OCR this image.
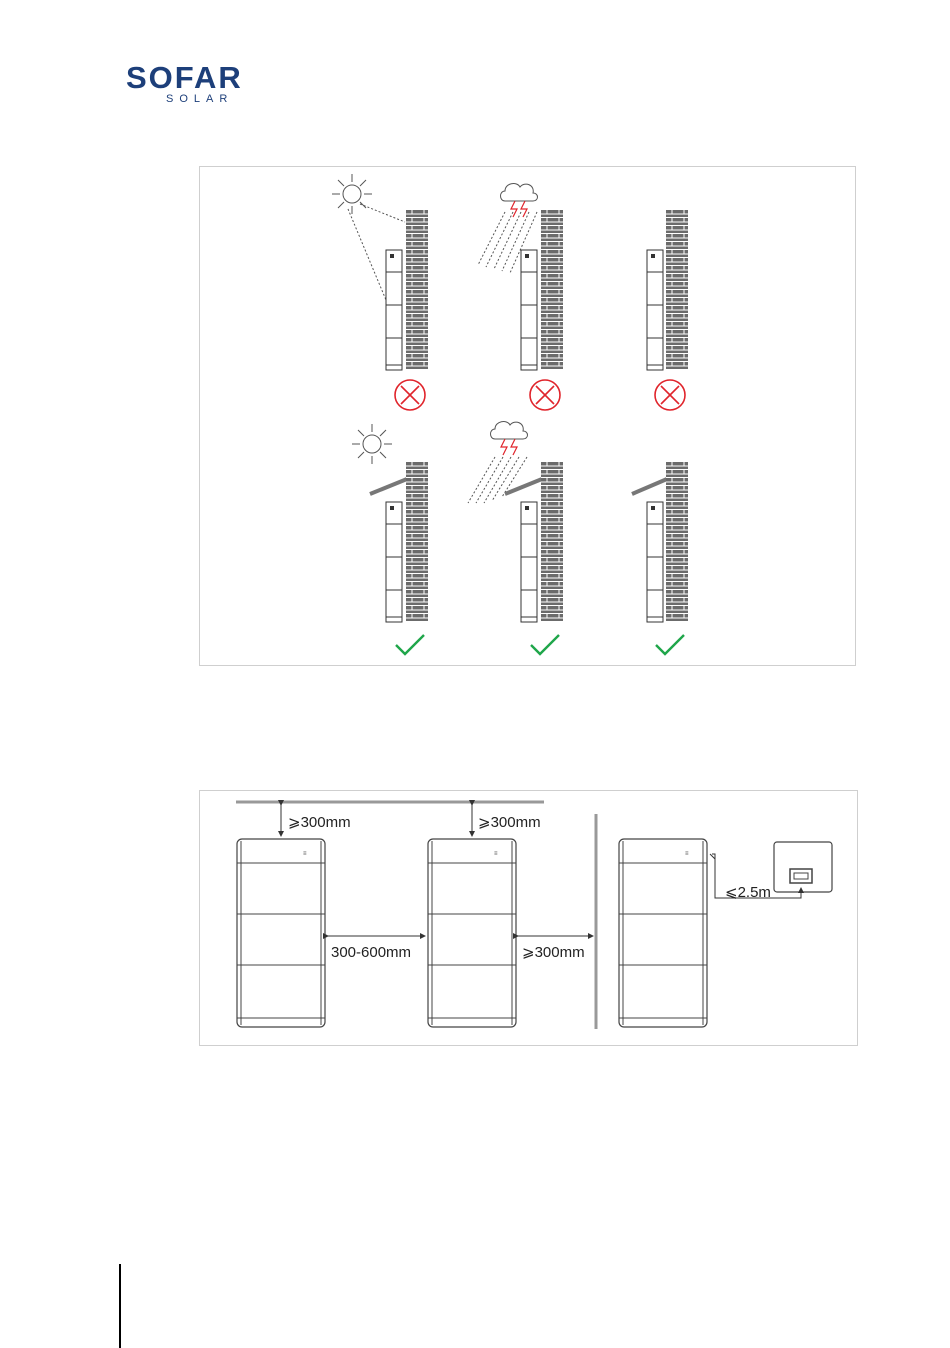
SOFAR
SOLAR
≡
⩾300mm	⩾300mm
300-600mm	⩾300mm
⩽2.5m
